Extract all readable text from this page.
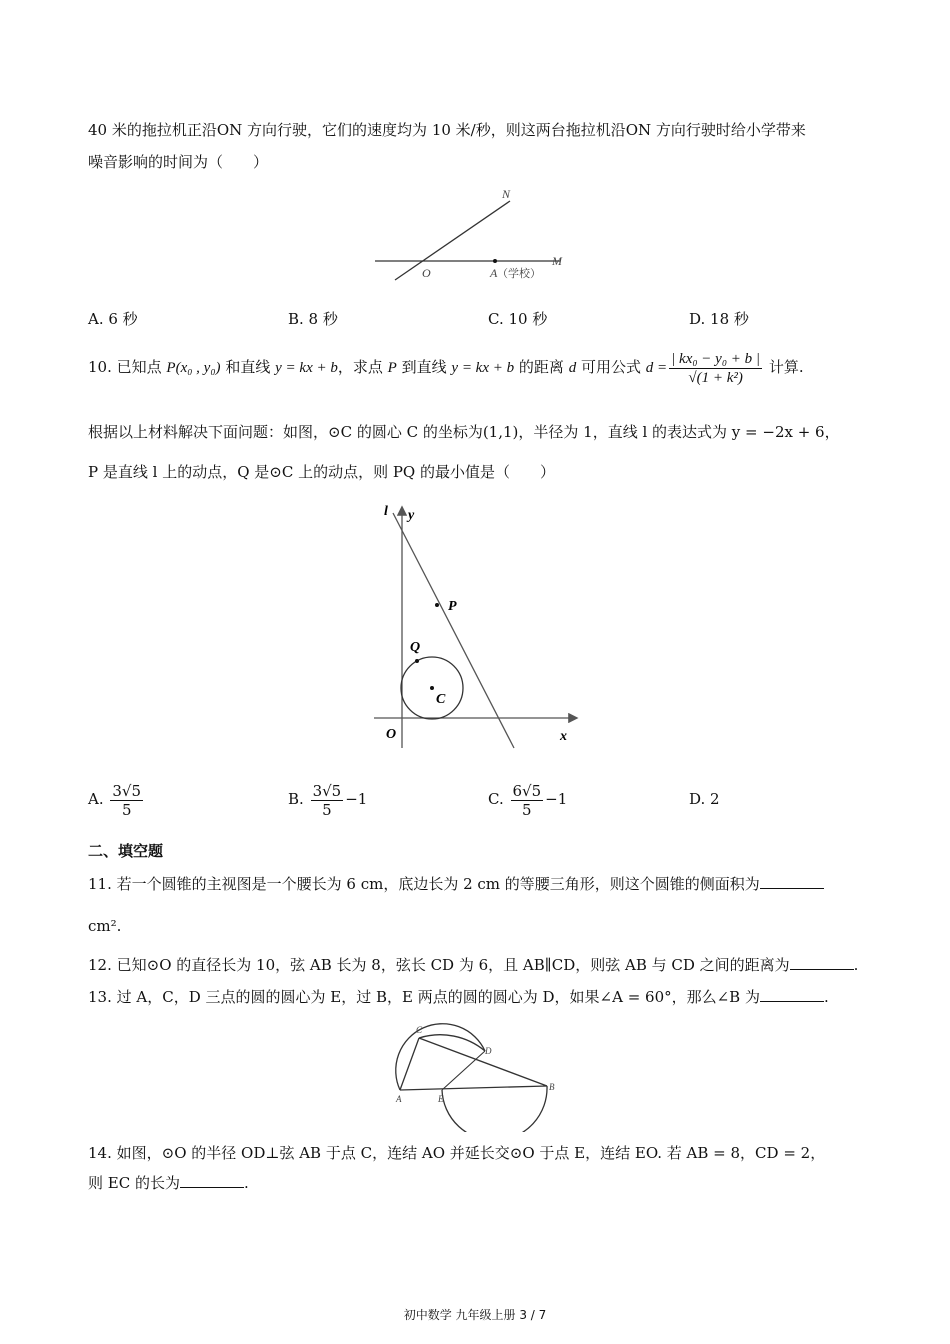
40 米的拖拉机正沿ON 方向行驶，它们的速度均为 10 米/秒，则这两台拖拉机沿ON 方向行驶时给小学带来
噪音影响的时间为（　　）
N
M
O	A （学校）
A. 6 秒	B. 8 秒	C. 10 秒	D. 18 秒
10. 已知点 P(x₀ , y₀) 和直线 y = kx + b，求点 P 到直线 y = kx + b 的距离 d 可用公式 $d = \frac{\text{| kx₀ − y₀ + b |}}{\text{√(1 + k²)}}$ 计算.
根据以上材料解决下面问题：如图，⊙C 的圆心 C 的坐标为(1,1)，半径为 1，直线 l 的表达式为 y = −2x + 6，
P 是直线 l 上的动点，Q 是⊙C 上的动点，则 PQ 的最小值是（　　）
l y
P
Q
C
O	x
A. $\frac{3√5}{5}$	B. $\frac{3√5}{5} -1$	C. $\frac{6√5}{5} -1$	D. 2
二、填空题
11. 若一个圆锥的主视图是一个腰长为 6 cm，底边长为 2 cm 的等腰三角形，则这个圆锥的侧面积为
cm².
12. 已知⊙O 的直径长为 10，弦 AB 长为 8，弦长 CD 为 6，且 AB∥CD，则弦 AB 与 CD 之间的距离为	.
13. 过 A，C，D 三点的圆的圆心为 E，过 B，E 两点的圆的圆心为 D，如果∠A = 60°，那么∠B 为	.
C
D
A	E
B
14. 如图，⊙O 的半径 OD⊥弦 AB 于点 C，连结 AO 并延长交⊙O 于点 E，连结 EO. 若 AB = 8，CD = 2，
则 EC 的长为	.
初中数学 九年级上册 3 / 7
